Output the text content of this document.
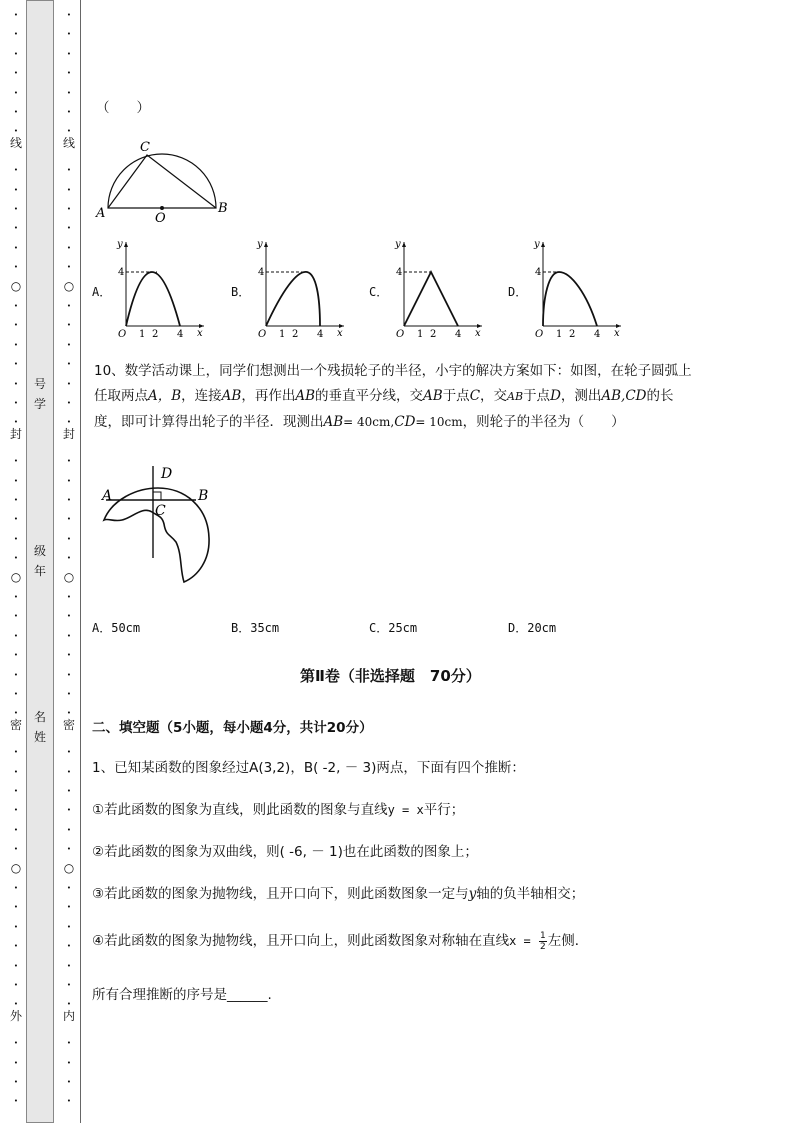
•
•
•
•
•
•
•
•
•
•
•
•
•
•
•
•
•
•
•
•
•
•
•
•
•
•
•
•
•
•
•
•
•
•
•
•
•
•
•
•
•
•
•
•
•
•
•
•
•
•
•
•
•
•
•
•
•
•
•
•
•
•
•
•
•
•
•
•
•
•
•
•
•
•
•
•
•
•
•
•
•
•
•
•
•
•
•
•
•
•
•
•
•
•
•
•
•
•
•
•
线
○
封
○
密
○
外
线
○
封
○
密
○
内
号
学
级
年
名
姓
（　　）
C
A	O
B
A．
4
O 1 2 4 x
y
B．
4
O 1 2 4 x
y
C．
4
O 1 2 4 x
y
D．
4
O 1 2 4 x
y
10、数学活动课上，同学们想测出一个残损轮子的半径，小宇的解决方案如下：如图，在轮子圆弧上
任取两点A，B，连接AB，再作出AB的垂直平分线，交AB于点C，交AB于点D，测出AB,CD的长
度，即可计算得出轮子的半径．现测出AB= 40cm,CD= 10cm，则轮子的半径为（　　）
D
A	B
C
A．50cm	B．35cm	C．25cm	D．20cm
第Ⅱ卷（非选择题　70分）
二、填空题（5小题，每小题4分，共计20分）
1、已知某函数的图象经过A(3,2)，B( -2, － 3)两点，下面有四个推断：
①若此函数的图象为直线，则此函数的图象与直线y = x平行；
②若此函数的图象为双曲线，则( -6, － 1)也在此函数的图象上；
③若此函数的图象为抛物线，且开口向下，则此函数图象一定与y轴的负半轴相交；
④若此函数的图象为抛物线，且开口向上，则此函数图象对称轴在直线$x = \frac{1}{2}$ 左侧．
所有合理推断的序号是______.
